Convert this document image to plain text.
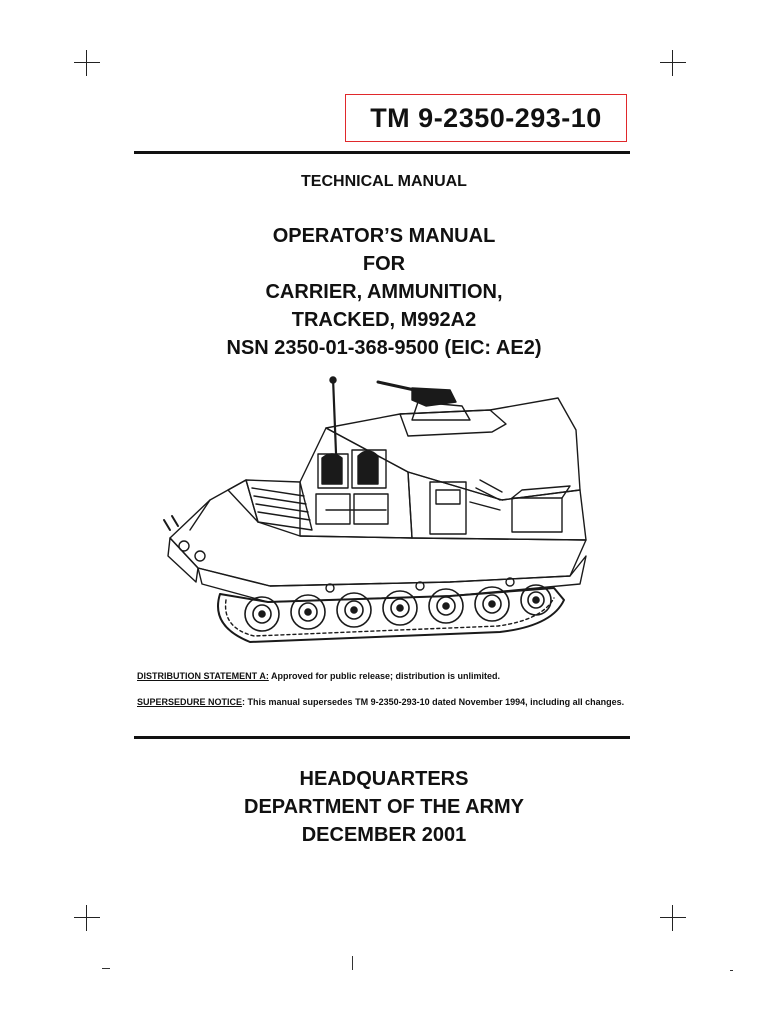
TM 9-2350-293-10
TECHNICAL MANUAL
OPERATOR’S MANUAL
FOR
CARRIER, AMMUNITION,
TRACKED, M992A2
NSN 2350-01-368-9500 (EIC: AE2)
DISTRIBUTION STATEMENT A: Approved for public release; distribution is unlimited.
SUPERSEDURE NOTICE: This manual supersedes TM 9-2350-293-10 dated November 1994, including all changes.
HEADQUARTERS
DEPARTMENT OF THE ARMY
DECEMBER 2001
